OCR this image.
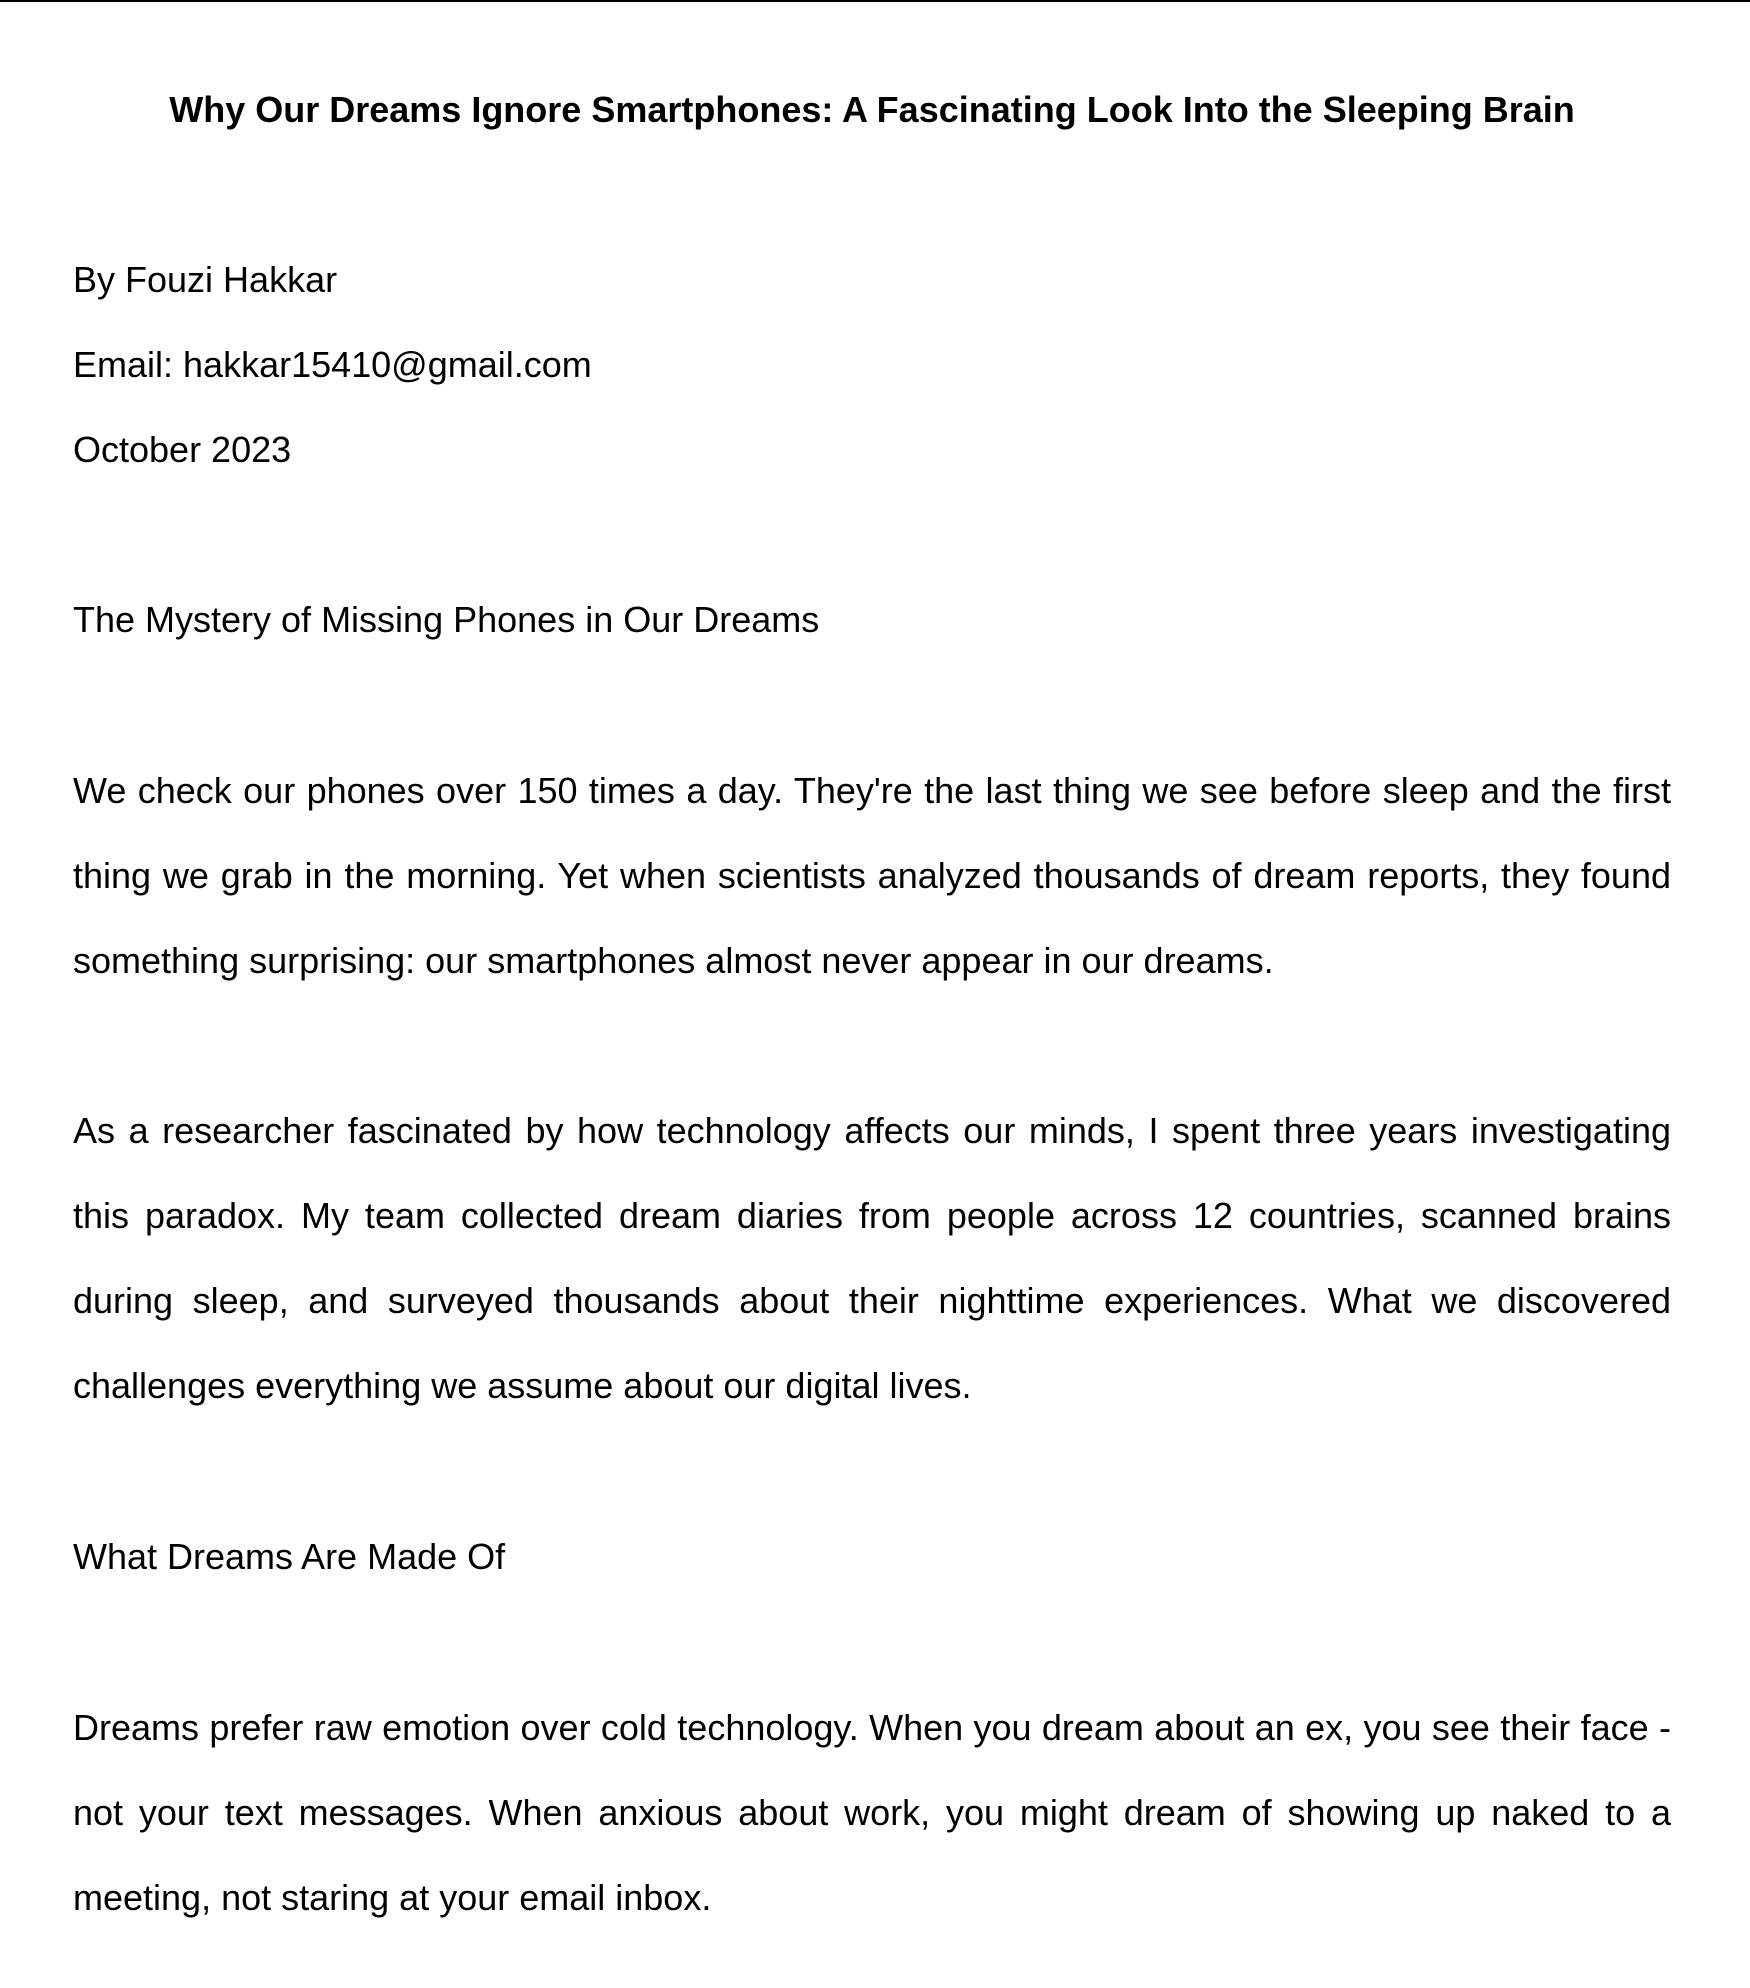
Why Our Dreams Ignore Smartphones: A Fascinating Look Into the Sleeping Brain

By Fouzi Hakkar

Email: hakkar15410@gmail.com

October 2023

The Mystery of Missing Phones in Our Dreams

We check our phones over 150 times a day. They're the last thing we see before sleep and the first thing we grab in the morning. Yet when scientists analyzed thousands of dream reports, they found something surprising: our smartphones almost never appear in our dreams.

As a researcher fascinated by how technology affects our minds, I spent three years investigating this paradox. My team collected dream diaries from people across 12 countries, scanned brains during sleep, and surveyed thousands about their nighttime experiences. What we discovered challenges everything we assume about our digital lives.

What Dreams Are Made Of

Dreams prefer raw emotion over cold technology. When you dream about an ex, you see their face - not your text messages. When anxious about work, you might dream of showing up naked to a meeting, not staring at your email inbox.
